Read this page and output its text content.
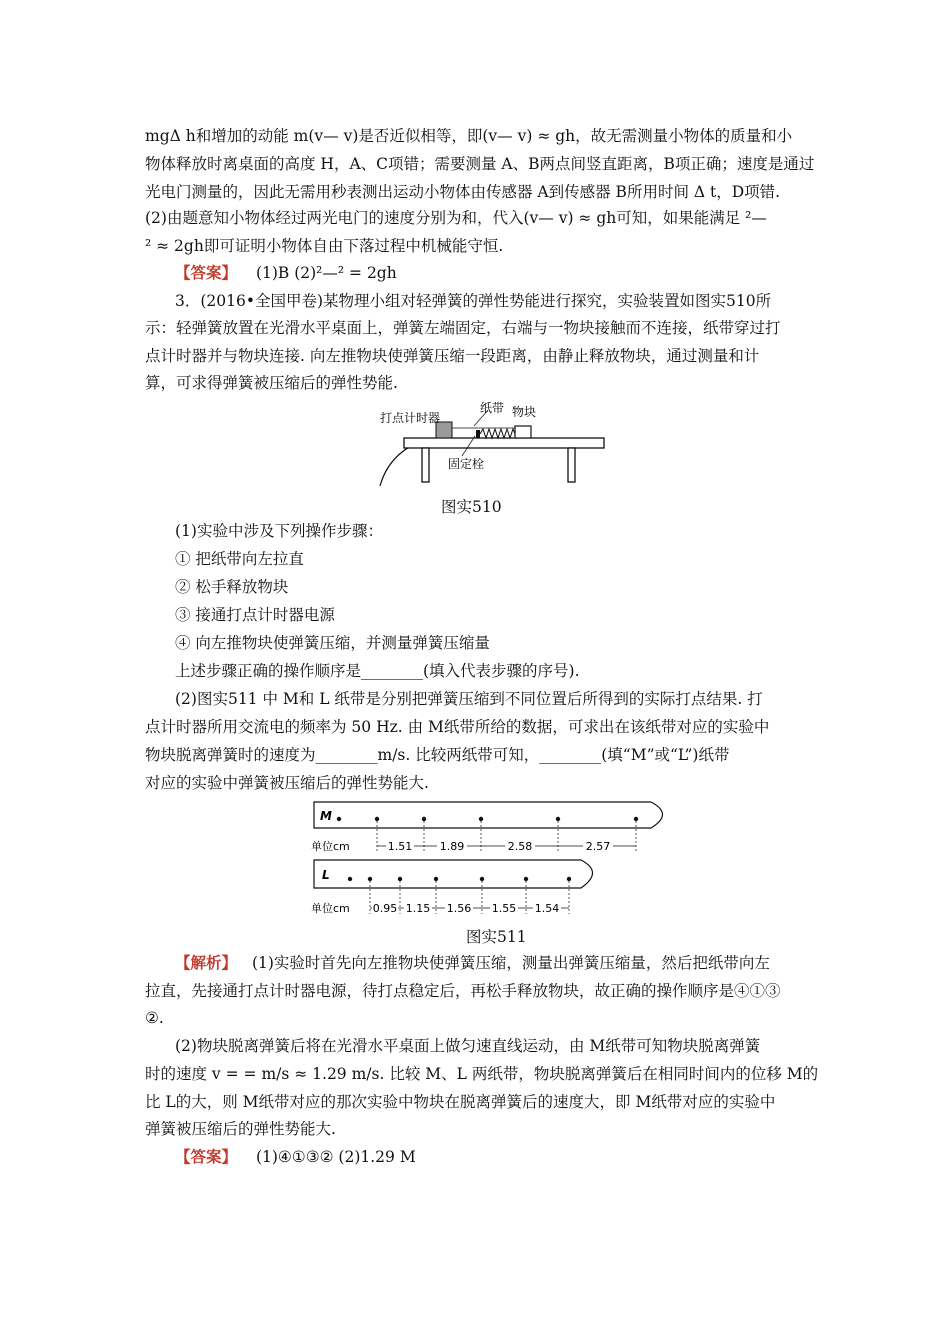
mgΔ h和增加的动能 m(v— v)是否近似相等，即(v— v) ≈ gh，故无需测量小物体的质量和小
物体释放时离桌面的高度 H，A、C项错；需要测量 A、B两点间竖直距离，B项正确；速度是通过
光电门测量的，因此无需用秒表测出运动小物体由传感器 A到传感器 B所用时间 Δ t，D项错.
(2)由题意知小物体经过两光电门的速度分别为和，代入(v— v) ≈ gh可知，如果能满足 ²—
² ≈ 2gh即可证明小物体自由下落过程中机械能守恒.
【答案】 (1)B (2)²—² = 2gh
3．(2016•全国甲卷)某物理小组对轻弹簧的弹性势能进行探究，实验装置如图实510所
示：轻弹簧放置在光滑水平桌面上，弹簧左端固定，右端与一物块接触而不连接，纸带穿过打
点计时器并与物块连接. 向左推物块使弹簧压缩一段距离，由静止释放物块，通过测量和计
算，可求得弹簧被压缩后的弹性势能.
打点计时器
纸带 物块
固定栓
图实510
(1)实验中涉及下列操作步骤：
① 把纸带向左拉直
② 松手释放物块
③ 接通打点计时器电源
④ 向左推物块使弹簧压缩，并测量弹簧压缩量
上述步骤正确的操作顺序是________(填入代表步骤的序号).
(2)图实511 中 M和 L 纸带是分别把弹簧压缩到不同位置后所得到的实际打点结果. 打
点计时器所用交流电的频率为 50 Hz. 由 M纸带所给的数据，可求出在该纸带对应的实验中
物块脱离弹簧时的速度为________m/s. 比较两纸带可知，________(填“M”或“L”)纸带
对应的实验中弹簧被压缩后的弹性势能大.
M
1.51	1.89	2.58	2.57
单位cm
L
0.95 1.15 1.56 1.55 1.54
单位cm
图实511
【解析】 (1)实验时首先向左推物块使弹簧压缩，测量出弹簧压缩量，然后把纸带向左
拉直，先接通打点计时器电源，待打点稳定后，再松手释放物块，故正确的操作顺序是④①③
②.
(2)物块脱离弹簧后将在光滑水平桌面上做匀速直线运动，由 M纸带可知物块脱离弹簧
时的速度 v = = m/s ≈ 1.29 m/s. 比较 M、L 两纸带，物块脱离弹簧后在相同时间内的位移 M的
比 L的大，则 M纸带对应的那次实验中物块在脱离弹簧后的速度大，即 M纸带对应的实验中
弹簧被压缩后的弹性势能大.
【答案】 (1)④①③② (2)1.29 M
